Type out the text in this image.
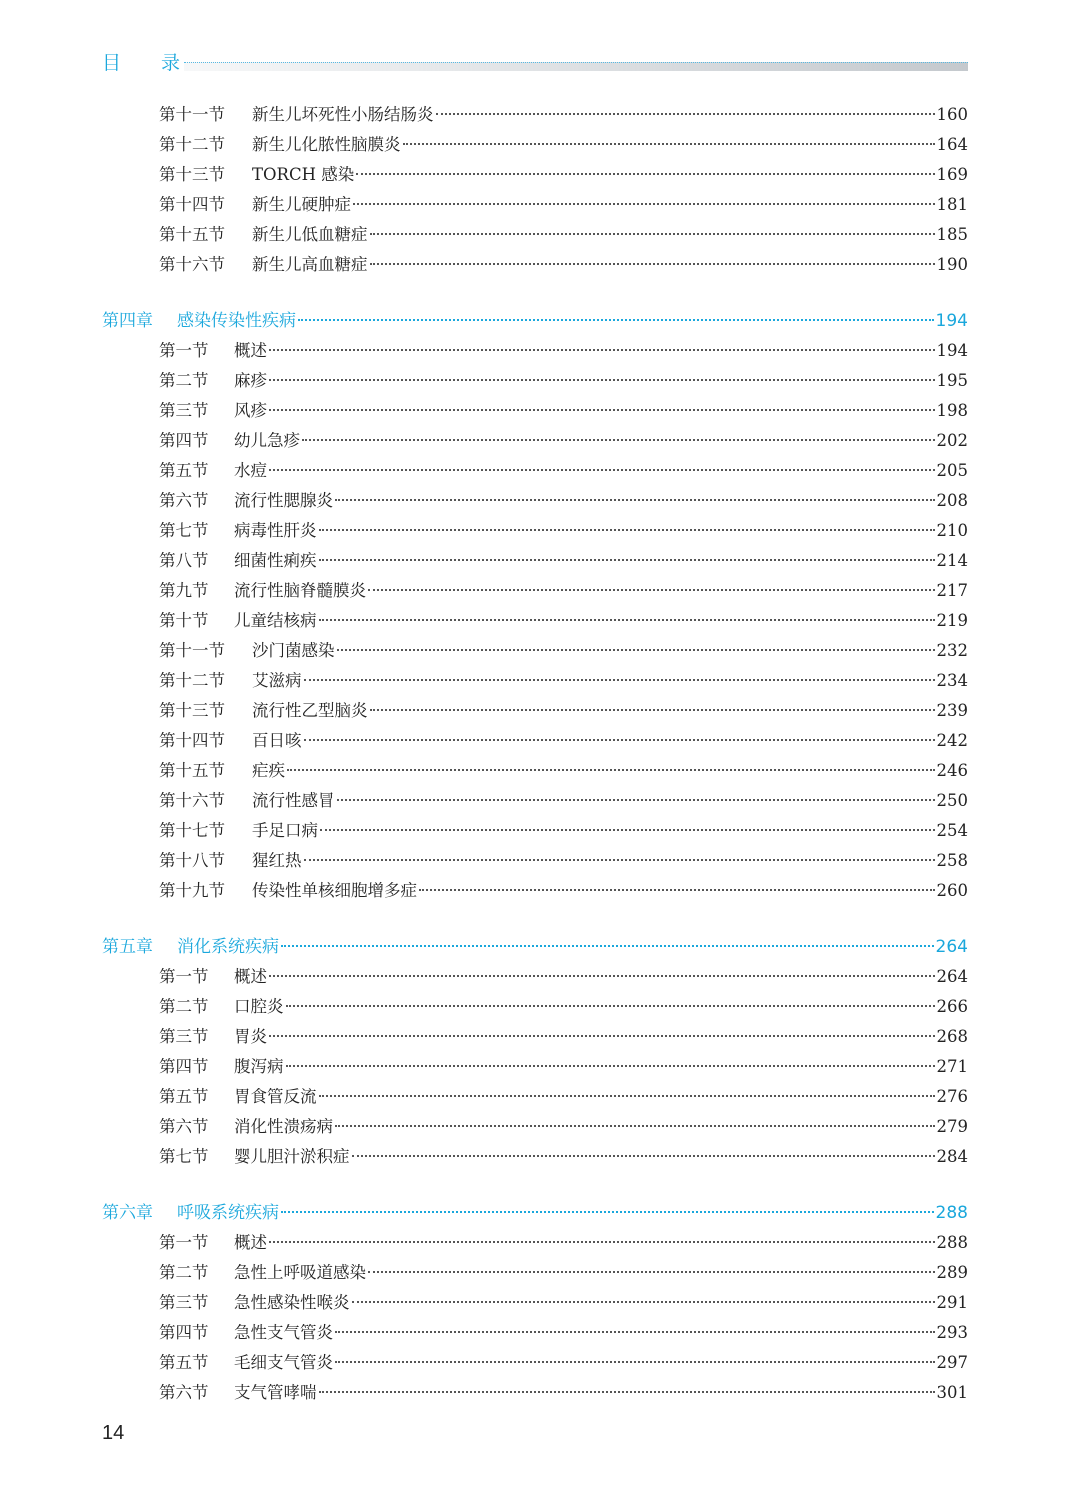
目 录
第十一节	新生儿坏死性小肠结肠炎	160
第十二节	新生儿化脓性脑膜炎	164
第十三节	TORCH 感染	169
第十四节	新生儿硬肿症	181
第十五节	新生儿低血糖症	185
第十六节	新生儿高血糖症	190
第四章	感染传染性疾病	194
第一节	概述	194
第二节	麻疹	195
第三节	风疹	198
第四节	幼儿急疹	202
第五节	水痘	205
第六节	流行性腮腺炎	208
第七节	病毒性肝炎	210
第八节	细菌性痢疾	214
第九节	流行性脑脊髓膜炎	217
第十节	儿童结核病	219
第十一节	沙门菌感染	232
第十二节	艾滋病	234
第十三节	流行性乙型脑炎	239
第十四节	百日咳	242
第十五节	疟疾	246
第十六节	流行性感冒	250
第十七节	手足口病	254
第十八节	猩红热	258
第十九节	传染性单核细胞增多症	260
第五章	消化系统疾病	264
第一节	概述	264
第二节	口腔炎	266
第三节	胃炎	268
第四节	腹泻病	271
第五节	胃食管反流	276
第六节	消化性溃疡病	279
第七节	婴儿胆汁淤积症	284
第六章	呼吸系统疾病	288
第一节	概述	288
第二节	急性上呼吸道感染	289
第三节	急性感染性喉炎	291
第四节	急性支气管炎	293
第五节	毛细支气管炎	297
第六节	支气管哮喘	301
14
